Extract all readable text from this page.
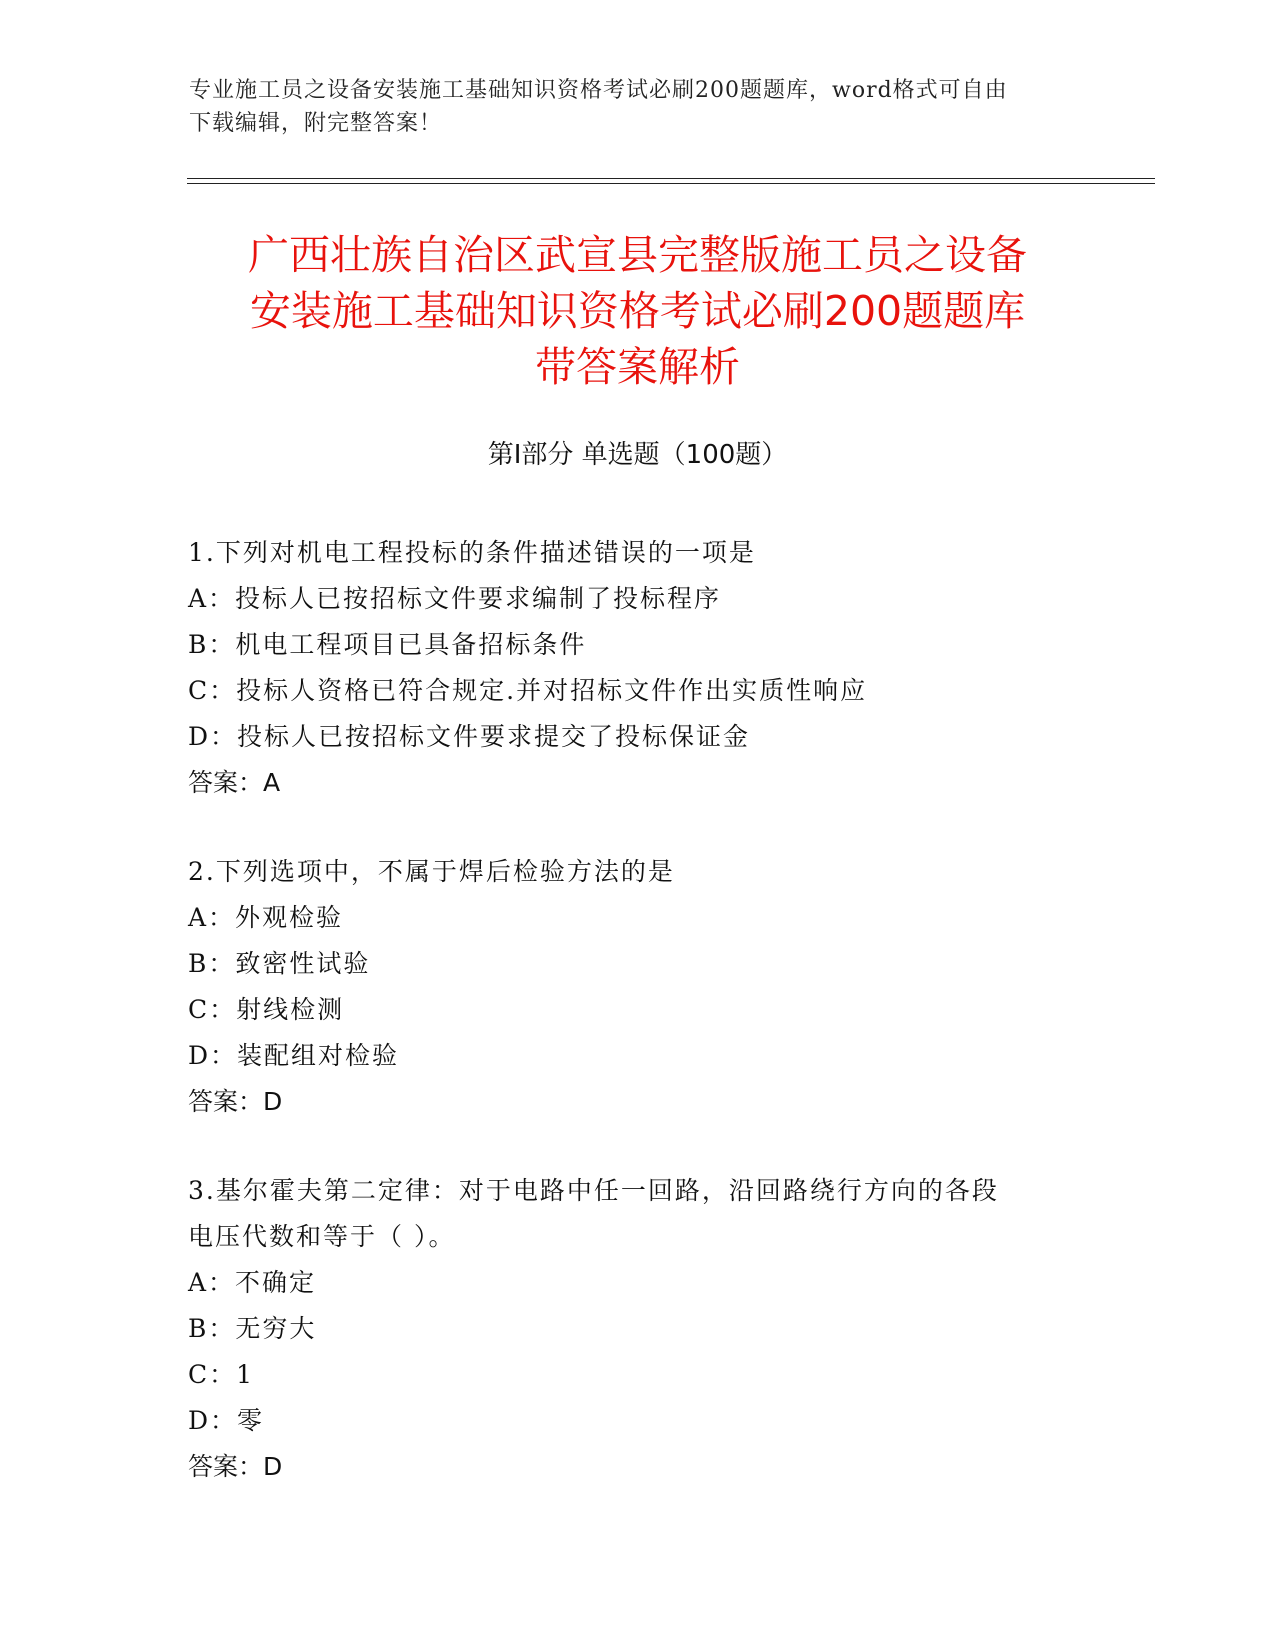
专业施工员之设备安装施工基础知识资格考试必刷200题题库，word格式可自由
下载编辑，附完整答案！
广西壮族自治区武宣县完整版施工员之设备
安装施工基础知识资格考试必刷200题题库
带答案解析
第Ⅰ部分 单选题（100题）
1.下列对机电工程投标的条件描述错误的一项是
A：投标人已按招标文件要求编制了投标程序
B：机电工程项目已具备招标条件
C：投标人资格已符合规定.并对招标文件作出实质性响应
D：投标人已按招标文件要求提交了投标保证金
答案：A
2.下列选项中，不属于焊后检验方法的是
A：外观检验
B：致密性试验
C：射线检测
D：装配组对检验
答案：D
3.基尔霍夫第二定律：对于电路中任一回路，沿回路绕行方向的各段
电压代数和等于（ ）。
A：不确定
B：无穷大
C：1
D：零
答案：D
